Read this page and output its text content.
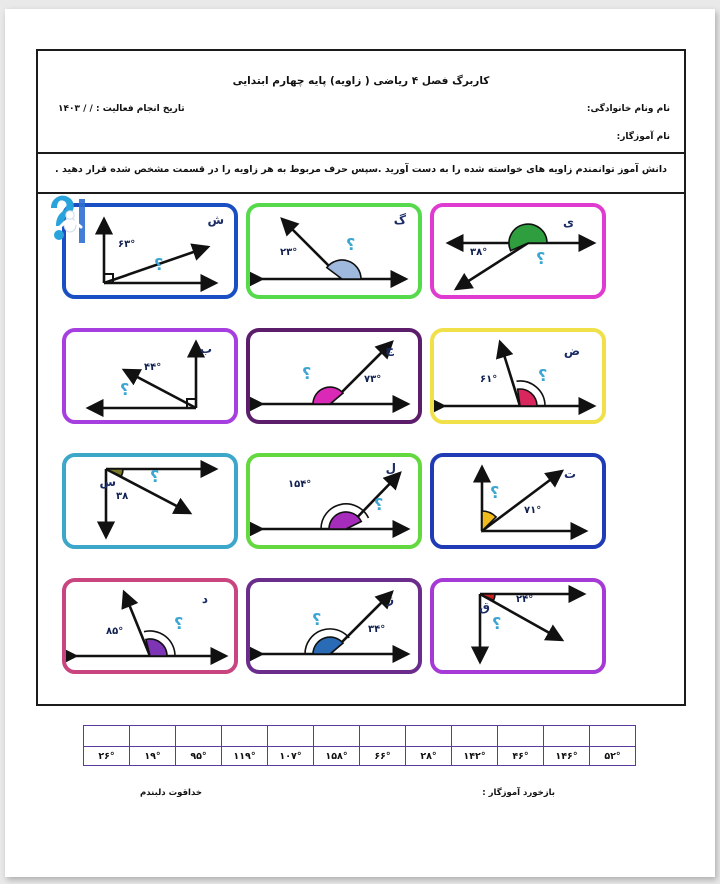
کاربرگ فصل ۴ ریاضی ( زاویه) پایه چهارم ابتدایی
نام ونام خانوادگی:
نام آموزگار:
تاریخ انجام فعالیت : / / ۱۴۰۳
دانش آموز توانمندم زاویه های خواسته شده را به دست آورید .سپس حرف مربوط به هر زاویه را در قسمت مشخص شده قرار دهید .
ش
۶۳°
؟
گ
۲۳°	؟
ی
۳۸°	؟
ب
۴۴°
؟
ج
۷۳°
؟
ض
۶۱°	؟
س
۳۸
؟	ل
۱۵۴°
؟
ت
۷۱°
؟
د
۸۵°	؟
ز
۳۴°
؟
ق
۲۴°
؟

۵۲°	۱۴۶°	۴۶°	۱۴۲°	۲۸°	۶۶°	۱۵۸°	۱۰۷°	۱۱۹°	۹۵°	۱۹°	۲۶°
بازخورد آموزگار :
خداقوت دلبندم
